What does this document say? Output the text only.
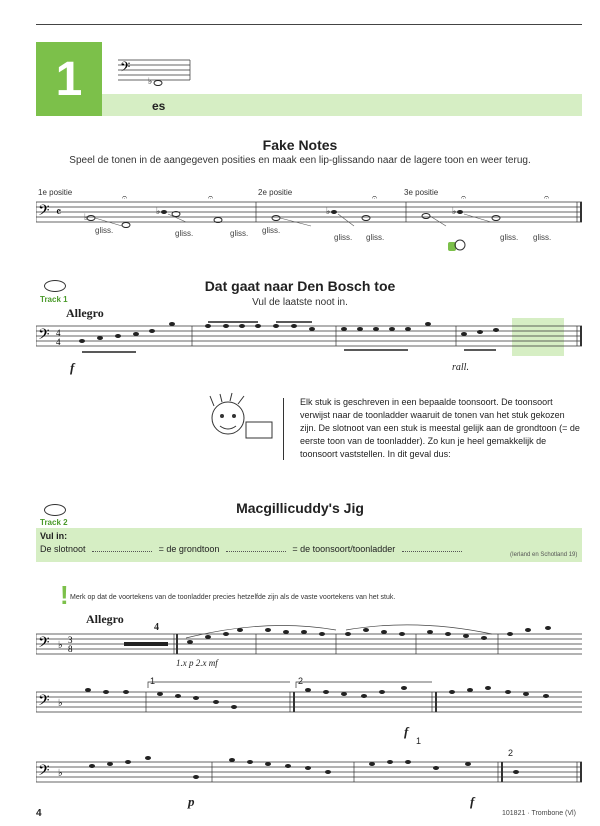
1
es
𝄢
♭
Fake Notes
Speel de tonen in de aangegeven posities en maak een lip-glissando naar de lagere toon en weer terug.
1e positie	2e positie	3e positie
𝄢 𝄴	♭
♭	♭	♭
𝄐	𝄐	𝄐	𝄐	𝄐
gliss.	gliss.	gliss. gliss.
gliss. gliss.	gliss. gliss.
Track 1
Dat gaat naar Den Bosch toe
Vul de laatste noot in.
Allegro
𝄢 4
4
f	rall.
Elk stuk is geschreven in een bepaalde toonsoort. De toonsoort verwijst naar de toonladder waaruit de tonen van het stuk gekozen zijn. De slotnoot van een stuk is meestal gelijk aan de grondtoon (= de eerste toon van de toonladder). Zo kun je heel gemakkelijk de toonsoort vaststellen. In dit geval dus:
Track 2
Macgillicuddy's Jig
Vul in:
De slotnoot	= de grondtoon	= de toonsoort/toonladder
(Ierland en Schotland 19)
! Merk op dat de voortekens van de toonladder precies hetzelfde zijn als de vaste voortekens van het stuk.
Allegro
4
𝄢 ♭ 3
8
1.x p 2.x mf
1	2
𝄢 ♭
f
1
2
𝄢 ♭
p	f
4	101821 · Trombone (Vl)
